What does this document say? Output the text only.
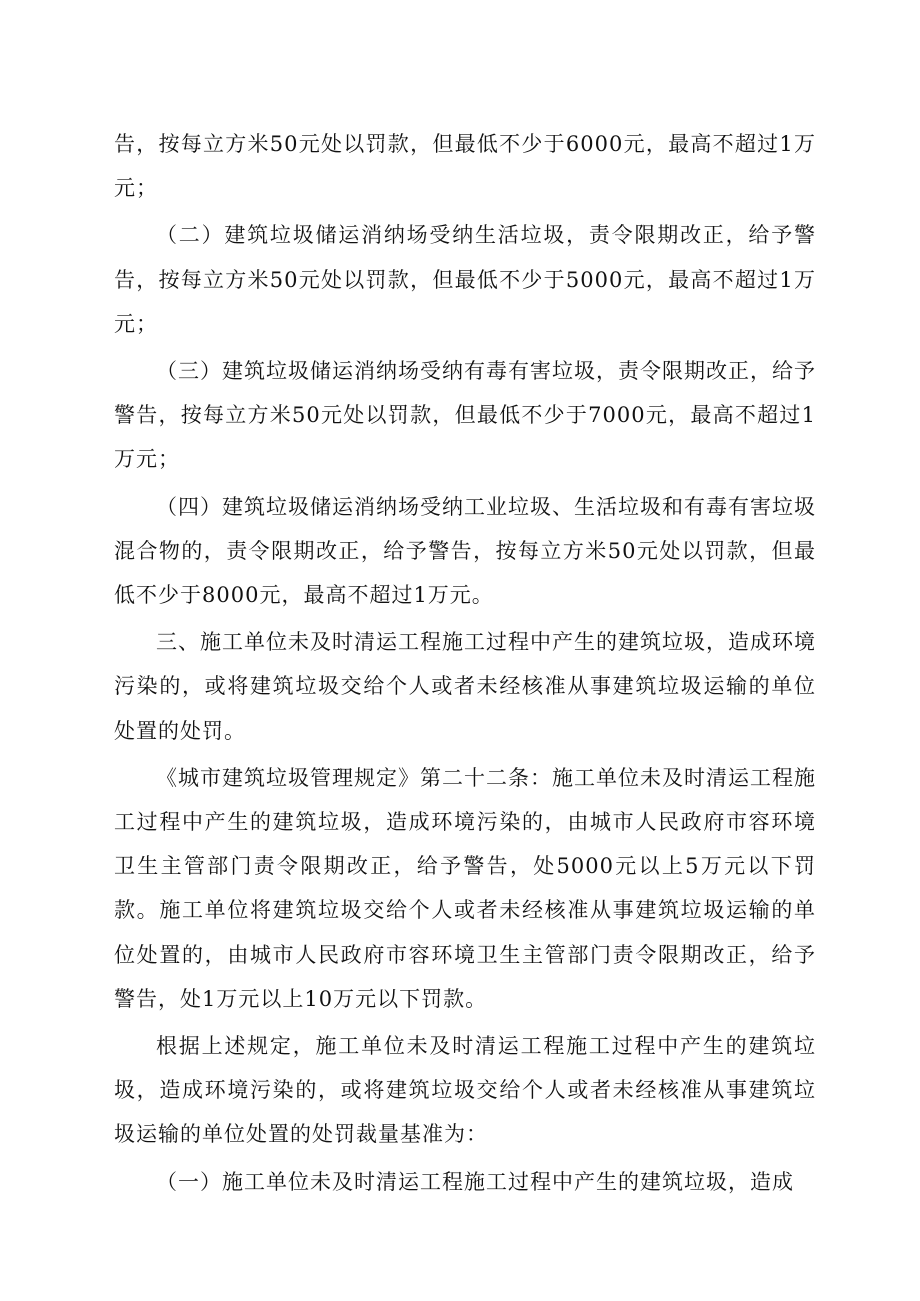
告，按每立方米50元处以罚款，但最低不少于6000元，最高不超过1万元；

（二）建筑垃圾储运消纳场受纳生活垃圾，责令限期改正，给予警告，按每立方米50元处以罚款，但最低不少于5000元，最高不超过1万元；

（三）建筑垃圾储运消纳场受纳有毒有害垃圾，责令限期改正，给予警告，按每立方米50元处以罚款，但最低不少于7000元，最高不超过1万元；

（四）建筑垃圾储运消纳场受纳工业垃圾、生活垃圾和有毒有害垃圾混合物的，责令限期改正，给予警告，按每立方米50元处以罚款，但最低不少于8000元，最高不超过1万元。

三、施工单位未及时清运工程施工过程中产生的建筑垃圾，造成环境污染的，或将建筑垃圾交给个人或者未经核准从事建筑垃圾运输的单位处置的处罚。

《城市建筑垃圾管理规定》第二十二条：施工单位未及时清运工程施工过程中产生的建筑垃圾，造成环境污染的，由城市人民政府市容环境卫生主管部门责令限期改正，给予警告，处5000元以上5万元以下罚款。施工单位将建筑垃圾交给个人或者未经核准从事建筑垃圾运输的单位处置的，由城市人民政府市容环境卫生主管部门责令限期改正，给予警告，处1万元以上10万元以下罚款。

根据上述规定，施工单位未及时清运工程施工过程中产生的建筑垃圾，造成环境污染的，或将建筑垃圾交给个人或者未经核准从事建筑垃圾运输的单位处置的处罚裁量基准为：

（一）施工单位未及时清运工程施工过程中产生的建筑垃圾，造成
